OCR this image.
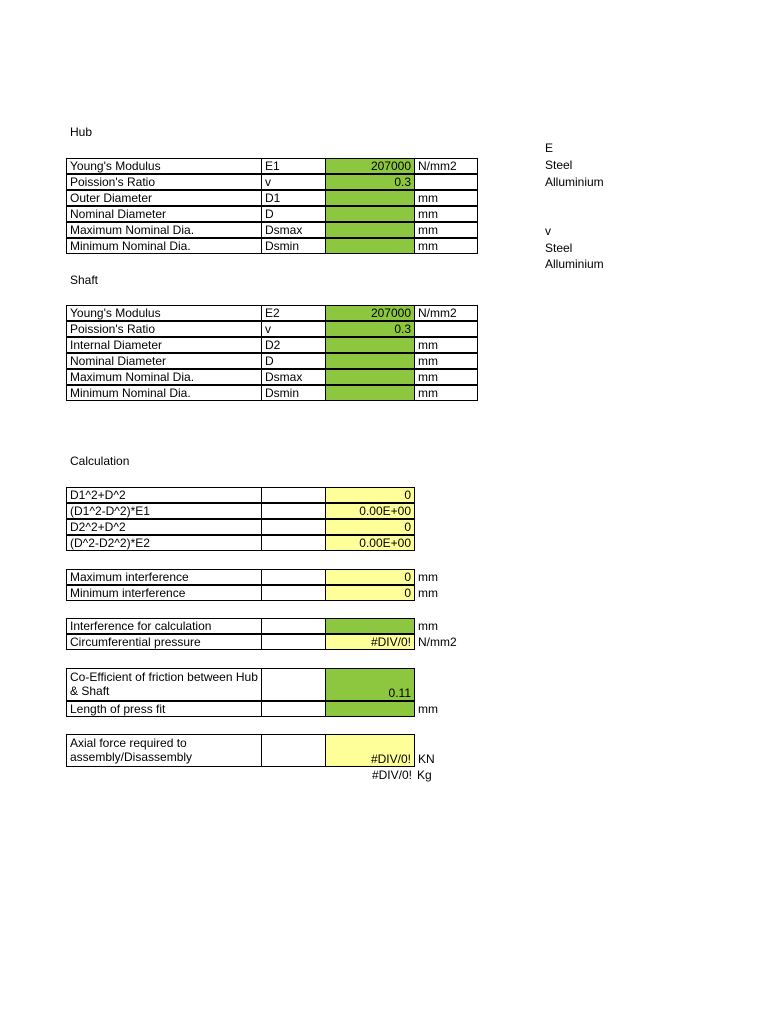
Hub
Young's Modulus	E1	207000 N/mm2
Poission's Ratio	v	0.3
Outer Diameter	D1	mm
Nominal Diameter	D	mm
Maximum Nominal Dia.	Dsmax	mm
Minimum Nominal Dia.	Dsmin	mm
Shaft
Young's Modulus	E2	207000 N/mm2
Poission's Ratio	v	0.3
Internal Diameter	D2	mm
Nominal Diameter	D	mm
Maximum Nominal Dia.	Dsmax	mm
Minimum Nominal Dia.	Dsmin	mm
Calculation
D1^2+D^2	0
(D1^2-D^2)*E1	0.00E+00
D2^2+D^2	0
(D^2-D2^2)*E2	0.00E+00
Maximum interference	0 mm
Minimum interference	0 mm
Interference for calculation	mm
Circumferential pressure	#DIV/0! N/mm2
Co-Efficient of friction between Hub & Shaft	0.11
Length of press fit	mm
Axial force required to assembly/Disassembly	#DIV/0! KN
#DIV/0! Kg
E
Steel
Alluminium
v
Steel
Alluminium
